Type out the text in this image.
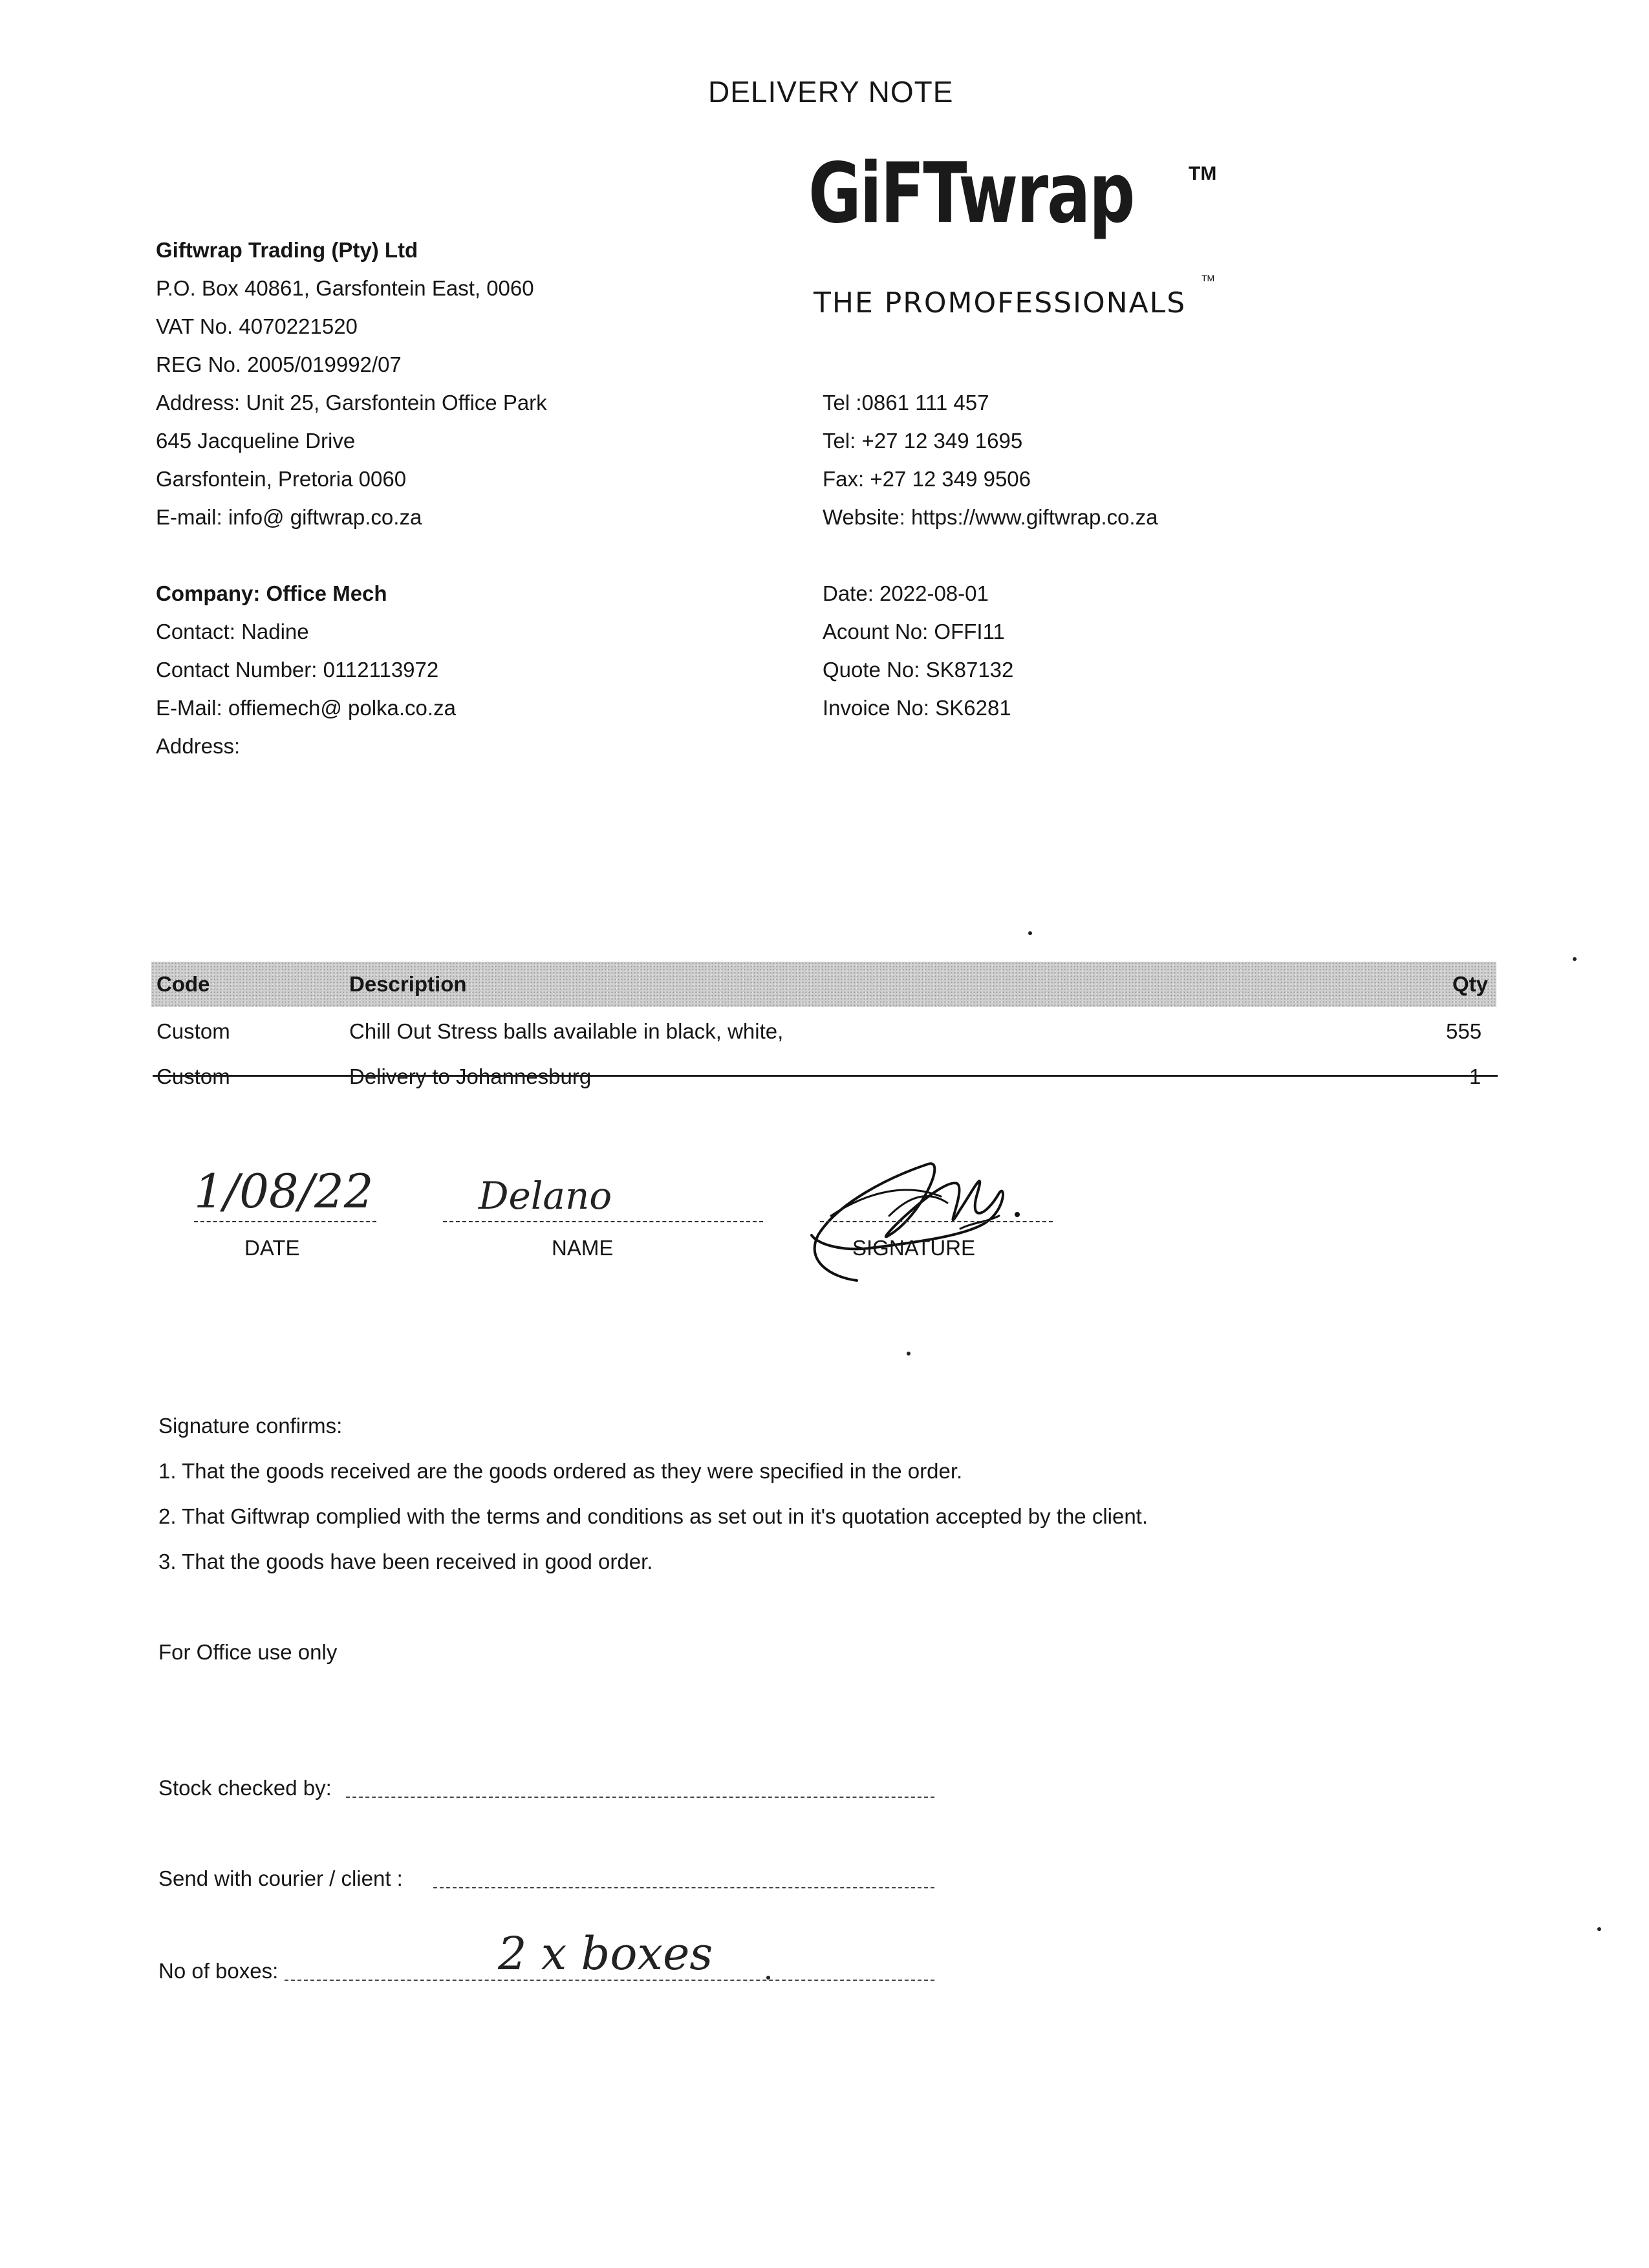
DELIVERY NOTE
GiFTwrap	TM
THE PROMOFESSIONALS
TM
Giftwrap Trading (Pty) Ltd
P.O. Box 40861, Garsfontein East, 0060
VAT No. 4070221520
REG No. 2005/019992/07
Address: Unit 25, Garsfontein Office Park
645 Jacqueline Drive
Garsfontein, Pretoria 0060
E-mail: info@ giftwrap.co.za
Tel :0861 111 457
Tel: +27 12 349 1695
Fax: +27 12 349 9506
Website: https://www.giftwrap.co.za
Company: Office Mech
Contact: Nadine
Contact Number: 0112113972
E-Mail: offiemech@ polka.co.za
Address:
Date: 2022-08-01
Acount No: OFFI11
Quote No: SK87132
Invoice No: SK6281
Code	Description	Qty
Custom	Chill Out Stress balls available in black, white,	555
Custom	Delivery to Johannesburg	1
1/08/22
DATE
Delano
NAME	SIGNATURE
Signature confirms:
1. That the goods received are the goods ordered as they were specified in the order.
2. That Giftwrap complied with the terms and conditions as set out in it's quotation accepted by the client.
3. That the goods have been received in good order.
For Office use only
Stock checked by:
Send with courier / client :
No of boxes:	2 x boxes
